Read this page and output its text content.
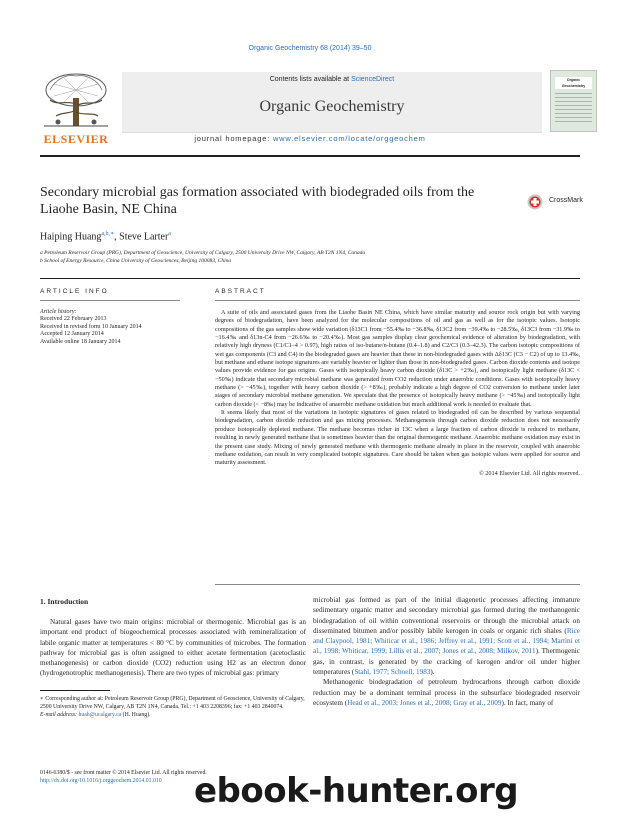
Organic Geochemistry 68 (2014) 39–50
ELSEVIER
Contents lists available at ScienceDirect
Organic Geochemistry
journal homepage: www.elsevier.com/locate/orggeochem
Organic Geochemistry
Secondary microbial gas formation associated with biodegraded oils from the Liaohe Basin, NE China
CrossMark
Haiping Huang$^{a,b,∗}$, Steve Larter$^a$
a Petroleum Reservoir Group (PRG), Department of Geoscience, University of Calgary, 2500 University Drive NW, Calgary, AB T2N 1N4, Canada
b School of Energy Resource, China University of Geosciences, Beijing 100083, China
ARTICLE INFO
Article history:
Received 22 February 2013
Received in revised form 10 January 2014
Accepted 12 January 2014
Available online 18 January 2014
ABSTRACT

A suite of oils and associated gases from the Liaohe Basin NE China, which have similar maturity and source rock origin but with varying degrees of biodegradation, have been analyzed for the molecular compositions of oil and gas as well as for the isotopic values. Isotopic compositions of the gas samples show wide variation (δ13C1 from −55.4‰ to −36.8‰, δ13C2 from −39.4‰ to −28.5‰, δ13C3 from −31.9‰ to −16.4‰ and δ13n-C4 from −26.6‰ to −20.4‰). Most gas samples display clear geochemical evidence of alteration by biodegradation, with relatively high dryness (C1/C1–4 > 0.97), high ratios of iso-butane/n-butane (0.4–1.8) and C2/C3 (0.3–42.3). The carbon isotopic compositions of wet gas components (C3 and C4) in the biodegraded gases are heavier than these in non-biodegraded gases with Δδ13C (C3 − C2) of up to 13.4‰, but methane and ethane isotope signatures are variably heavier or lighter than those in non-biodegraded gases. Carbon dioxide contents and isotope values provide evidence for gas origins. Gases with isotopically heavy carbon dioxide (δ13C > +2‰), and isotopically light methane (δ13C < −50‰) indicate that secondary microbial methane was generated from CO2 reduction under anaerobic conditions. Gases with isotopically heavy methane (> −45‰), together with heavy carbon dioxide (> +8‰), probably indicate a high degree of CO2 conversion to methane under later stages of secondary microbial methane generation. We speculate that the presence of isotopically heavy methane (> −45‰) and isotopically light carbon dioxide (< −8‰) may be indicative of anaerobic methane oxidation but much additional work is needed to evaluate that.

It seems likely that most of the variations in isotopic signatures of gases related to biodegraded oil can be described by various sequential biodegradation, carbon dioxide reduction and gas mixing processes. Methanogenesis through carbon dioxide reduction does not necessarily produce isotopically depleted methane. The methane becomes richer in 13C when a large fraction of carbon dioxide is reduced to methane, resulting in newly generated methane that is sometimes heavier than the original thermogenic methane. Anaerobic methane oxidation may exist in the present case study. Mixing of newly generated methane with thermogenic methane already in place in the reservoir, coupled with anaerobic methane oxidation, can result in very complicated isotopic signatures. Care should be taken when gas isotopic values were applied for source and maturity assessment.

© 2014 Elsevier Ltd. All rights reserved.
1. Introduction

Natural gases have two main origins: microbial or thermogenic. Microbial gas is an important end product of biogeochemical processes associated with remineralization of labile organic matter at temperatures < 80 °C by communities of microbes. The formation pathway for microbial gas is often assigned to either acetate fermentation (acetoclastic methanogenesis) or carbon dioxide (CO2) reduction using H2 as an electron donor (hydrogenotrophic methanogenesis). There are two types of microbial gas: primary

microbial gas formed as part of the initial diagenetic processes affecting immature sedimentary organic matter and secondary microbial gas formed during the methanogenic biodegradation of oil within conventional reservoirs or through the microbial attack on disseminated bitumen and/or possibly labile kerogen in coals or organic rich shales (Rice and Claypool, 1981; Whiticar et al., 1986; Jeffrey et al., 1991; Scott et al., 1994; Martini et al., 1998; Whiticar, 1999; Lillis et al., 2007; Jones et al., 2008; Milkov, 2011). Thermogenic gas, in contrast, is generated by the cracking of kerogen and/or oil under higher temperatures (Stahl, 1977; Schoell, 1983).

Methanogenic biodegradation of petroleum hydrocarbons through carbon dioxide reduction may be a dominant terminal process in the subsurface biodegraded reservoir ecosystem (Head et al., 2003; Jones et al., 2008; Gray et al., 2009). In fact, many of

∗ Corresponding author at: Petroleum Reservoir Group (PRG), Department of Geoscience, University of Calgary, 2500 University Drive NW, Calgary, AB T2N 1N4, Canada. Tel.: +1 403 2208396; fax: +1 403 2840074.

E-mail address: huah@ucalgary.ca (H. Huang).

0146-6380/$ - see front matter © 2014 Elsevier Ltd. All rights reserved.
http://dx.doi.org/10.1016/j.orggeochem.2014.01.010 ebook-hunter.org
